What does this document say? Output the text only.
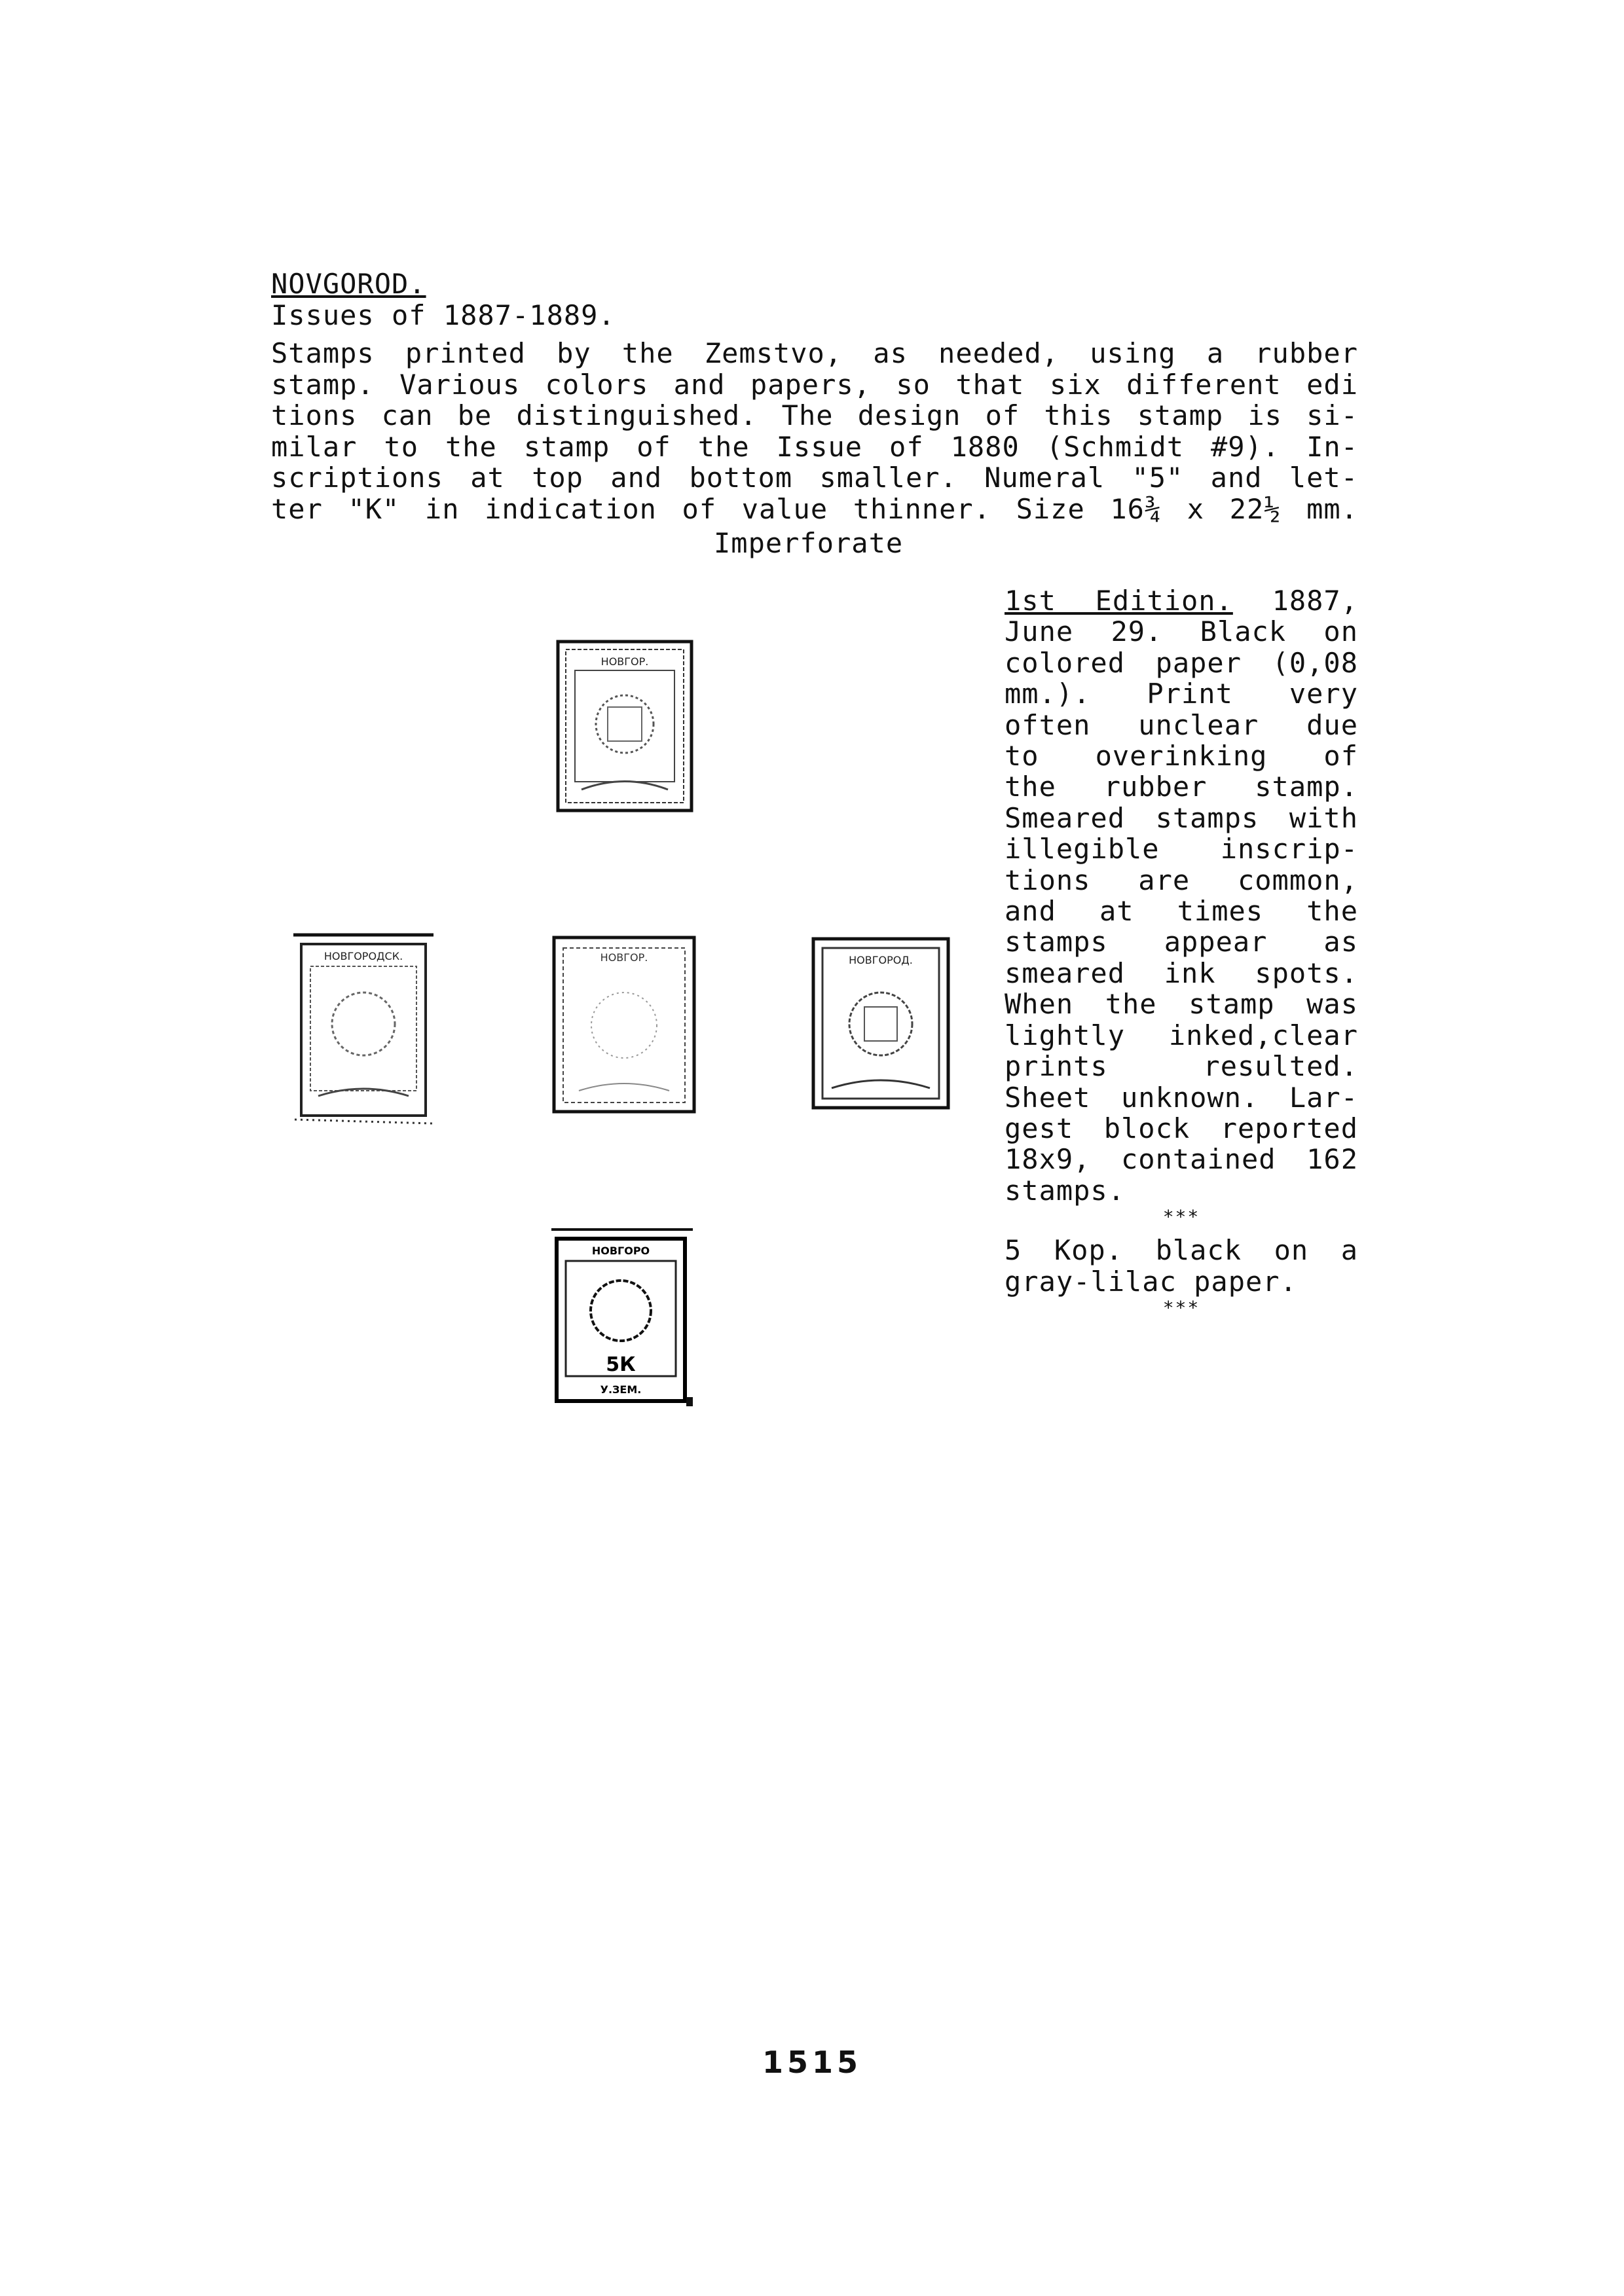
NOVGOROD.
Issues of 1887-1889.
Stamps printed by the Zemstvo, as needed, using a rubber
stamp. Various colors and papers, so that six different edi
tions can be distinguished. The design of this stamp is si-
milar to the stamp of the Issue of 1880 (Schmidt #9). In-
scriptions at top and bottom smaller. Numeral "5" and let-
ter "K" in indication of value thinner. Size 16¾ x 22½ mm.
Imperforate
1st Edition. 1887,
June 29. Black on
colored paper (0,08
mm.). Print very
often unclear due
to overinking of
the rubber stamp.
Smeared stamps with
illegible inscrip-
tions are common,
and at times the
stamps appear as
smeared ink spots.
When the stamp was
lightly inked,clear
prints resulted.
Sheet unknown. Lar-
gest block reported
18x9, contained 162
stamps.
***
5 Kop. black on a
gray-lilac paper.
***
НОВГОР.
НОВГОРОДСК.	НОВГОР.	НОВГОРОД.
НОВГОРО
5К
У.ЗЕМ.
1515
